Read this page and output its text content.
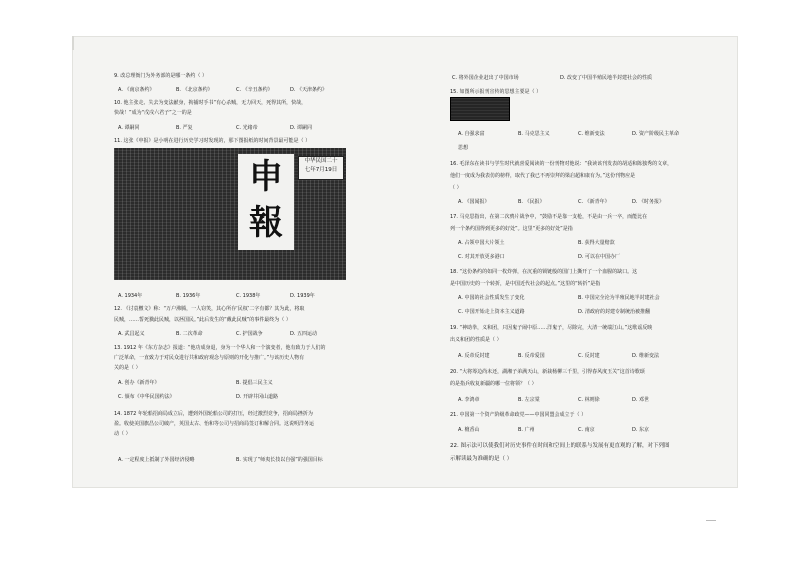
9. 改总理衙门为外务部的是哪一条约（ ）
A. 《南京条约》	B. 《北京条约》	C. 《辛丑条约》	D. 《天津条约》
10. 他主张走、失去为变法献身，拘捕时手书“有心杀贼，无力回天，死得其所，快哉，
快哉！”成为“戊戌六君子”之一的是
A. 谭嗣同	B. 严复	C. 光绪帝	D. 谭嗣同
11. 这张《申报》是小明在进行历史学习时发现的，那下图报纸的时间背景最可能是（ ）
申
報
中华民国二十
七年7月19日
A. 1934年	B. 1936年	C. 1938年	D. 1939年
12. 《讨袁檄文》称：“万户沸腾，一人窃笑，其心所存‘民权’二字有都？其为此，将取
民贼，……誓死戮此民贼，以拯国民。”此后发生的“戴此民贼”的事件最终为（ ）
A. 武昌起义	B. 二次革命	C. 护国战争	D. 五四运动
13. 1912 年《东方杂志》报道：“他功成身退，身为一个华人和一个演变者，他有致力于人们的
广泛革命，一直致力于对民众进行共和政府观念与原则的开化与推广。”与该历史人物有
关的是（ ）
A. 创办《新青年》	B. 提倡三民主义
C. 颁布《中华民国约法》	D. 开辟井冈山道路
14. 1872 年轮船招商局成立后，遭到外国轮船公司的打压，经过激烈竞争，招商局挫折为
盈。收使美国旗昌公司破产，英国太古、怡和等公司与招商局签订和解合同。这说明洋务运
动（ ）
A. 一定程度上抵制了外国经济侵略	B. 实现了“师夷长技以自强”的强国目标
C. 将外国企业赶出了中国市场	D. 改变了中国半殖民地半封建社会的性质
15. 如图所示报刊宣传的思想主要是（ ）
A. 自强求富	B. 马克思主义	C. 维新变法	D. 资产阶级民主革命
思想
16. 毛泽东在读书与学生时代就喜爱阅读的一份刊物对他说：“我读该刊发表的胡适和陈独秀的文章，
他们一度成为我表仿的榜样，取代了我已不再崇拜的梁启超和康有为。”这份刊物应是
（ ）
A. 《国闻报》	B. 《民报》	C. 《新青年》	D. 《时务报》
17. 马克思指出，在第二次鸦片战争中，“鼓励不是靠一支枪，不是由一兵一卒，而能比在
列一个条约国得到更多的好处”。这里“更多的好处”是指
A. 占领中国大片领土	B. 获得大量赔款
C. 对其开放更多港口	D. 可以在中国办厂
18. “这份条约的如同一枚炸弹，在沉重的锁链般的国门上撕开了一个血腥的缺口。这
是中国历史的一个转折，是中国近代社会的起点。”这里的“转折”是指
A. 中国的社会性质发生了变化	B. 中国完全沦为半殖民地半封建社会
C. 中国开始走上资本主义道路	D. 清政府的封建专制统治被推翻
19. “神助拳，义和团，只因鬼子闹中原……洋鬼子，尽除完，大清一统端江山。”这歌谣反映
出义和团的性质是（ ）
A. 反帝反封建	B. 反帝爱国	C. 反封建	D. 维新变法
20. “大将筹边尚未还，湖湘子弟满天山，新栽杨柳三千里，引得春风度玉关”这首诗歌颂
的是指兵收复新疆的哪一位将领？（ ）
A. 李鸿章	B. 左宗棠	C. 林则徐	D. 邓世
21. 中国第一个资产阶级革命政党——中国同盟会成立于（ ）
A. 檀香山	B. 广州	C. 南京	D. 东京
22. 图示法可以使我们对历史事件在时间和空间上的联系与发展有更直观的了解，对下列图
示解读最为准确的是（ ）
